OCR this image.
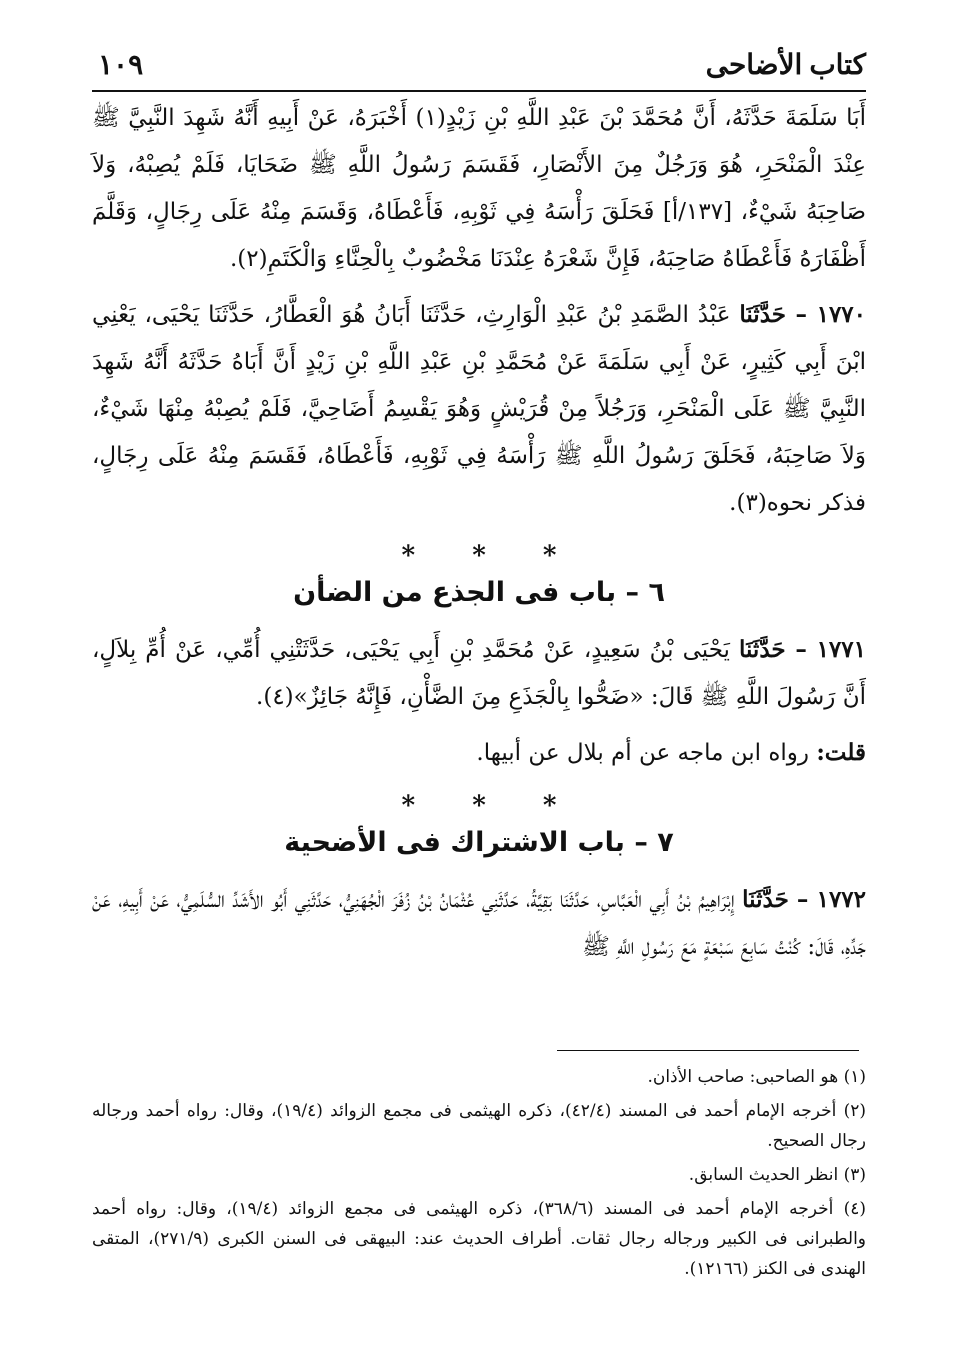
كتاب الأضاحى
١٠٩

أَبَا سَلَمَةَ حَدَّثَهُ، أَنَّ مُحَمَّدَ بْنَ عَبْدِ اللَّهِ بْنِ زَيْدٍ(١) أَخْبَرَهُ، عَنْ أَبِيهِ أَنَّهُ شَهِدَ النَّبِيَّ ﷺ عِنْدَ الْمَنْحَرِ، هُوَ وَرَجُلٌ مِنَ الأَنْصَارِ، فَقَسَمَ رَسُولُ اللَّهِ ﷺ ضَحَايَا، فَلَمْ يُصِبْهُ، وَلاَ صَاحِبَهُ شَيْءٌ، [١٣٧/أ] فَحَلَقَ رَأْسَهُ فِي ثَوْبِهِ، فَأَعْطَاهُ، وَقَسَمَ مِنْهُ عَلَى رِجَالٍ، وَقَلَّمَ أَظْفَارَهُ فَأَعْطَاهُ صَاحِبَهُ، فَإِنَّ شَعْرَهُ عِنْدَنَا مَخْضُوبٌ بِالْحِنَّاءِ وَالْكَتَمِ(٢).

١٧٧٠ – حَدَّثَنَا عَبْدُ الصَّمَدِ بْنُ عَبْدِ الْوَارِثِ، حَدَّثَنَا أَبَانُ هُوَ الْعَطَّارُ، حَدَّثَنَا يَحْيَى، يَعْنِي ابْنَ أَبِي كَثِيرٍ، عَنْ أَبِي سَلَمَةَ عَنْ مُحَمَّدِ بْنِ عَبْدِ اللَّهِ بْنِ زَيْدٍ أَنَّ أَبَاهُ حَدَّثَهُ أَنَّهُ شَهِدَ النَّبِيَّ ﷺ عَلَى الْمَنْحَرِ، وَرَجُلاً مِنْ قُرَيْشٍ وَهُوَ يَقْسِمُ أَضَاحِيَّ، فَلَمْ يُصِبْهُ مِنْهَا شَيْءٌ، وَلاَ صَاحِبَهُ، فَحَلَقَ رَسُولُ اللَّهِ ﷺ رَأْسَهُ فِي ثَوْبِهِ، فَأَعْطَاهُ، فَقَسَمَ مِنْهُ عَلَى رِجَالٍ، فذكر نحوه(٣).

* * *
٦ – باب فى الجذع من الضأن

١٧٧١ – حَدَّثَنَا يَحْيَى بْنُ سَعِيدٍ، عَنْ مُحَمَّدِ بْنِ أَبِي يَحْيَى، حَدَّثَتْنِي أُمِّي، عَنْ أُمِّ بِلاَلٍ، أَنَّ رَسُولَ اللَّهِ ﷺ قَالَ: «ضَحُّوا بِالْجَذَعِ مِنَ الضَّأْنِ، فَإِنَّهُ جَائِزٌ»(٤).

قلت: رواه ابن ماجه عن أم بلال عن أبيها.

* * *
٧ – باب الاشتراك فى الأضحية

١٧٧٢ – حَدَّثَنَا إِبْرَاهِيمُ بْنُ أَبِي الْعَبَّاسِ، حَدَّثَنَا بَقِيَّةُ، حَدَّثَنِي عُثْمَانُ بْنُ زُفَرَ الْجُهَنِيُّ، حَدَّثَنِي أَبُو الأَشَدِّ السُّلَمِيُّ، عَنْ أَبِيهِ، عَنْ جَدِّهِ، قَالَ: كُنْتُ سَابِعَ سَبْعَةٍ مَعَ رَسُولِ اللَّهِ ﷺ

(١) هو الصاحبى: صاحب الأذان.

(٢) أخرجه الإمام أحمد فى المسند (٤٢/٤)، ذكره الهيثمى فى مجمع الزوائد (١٩/٤)، وقال: رواه أحمد ورجاله رجال الصحيح.

(٣) انظر الحديث السابق.

(٤) أخرجه الإمام أحمد فى المسند (٣٦٨/٦)، ذكره الهيثمى فى مجمع الزوائد (١٩/٤)، وقال: رواه أحمد والطبرانى فى الكبير ورجاله رجال ثقات. أطراف الحديث عند: البيهقى فى السنن الكبرى (٢٧١/٩)، المتقى الهندى فى الكنز (١٢١٦٦).
